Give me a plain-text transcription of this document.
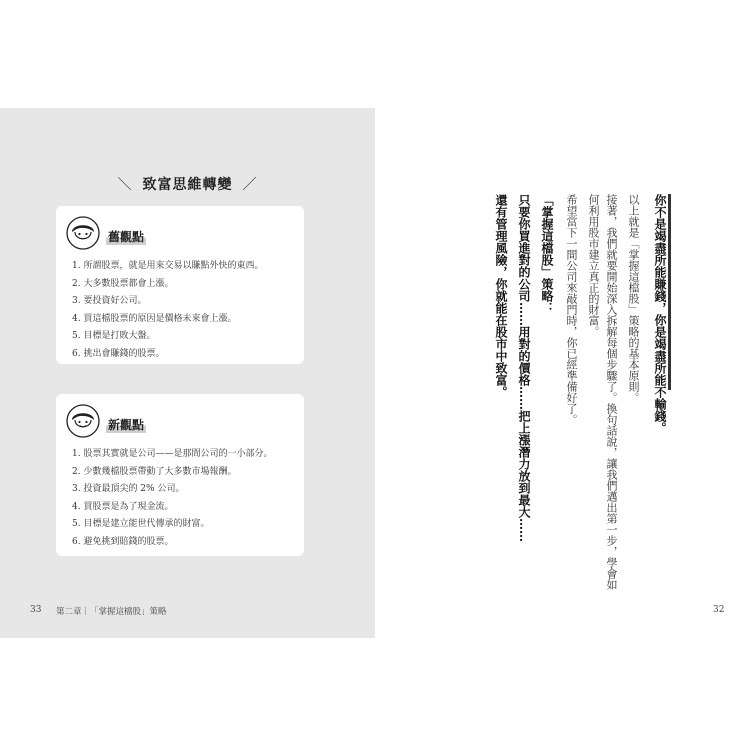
＼ 致富思維轉變 ／
舊觀點
1. 所謂股票，就是用來交易以賺點外快的東西。
2. 大多數股票都會上漲。
3. 要投資好公司。
4. 買這檔股票的原因是價格未來會上漲。
5. 目標是打敗大盤。
6. 挑出會賺錢的股票。
新觀點
1. 股票其實就是公司——是那間公司的一小部分。
2. 少數幾檔股票帶動了大多數市場報酬。
3. 投資最頂尖的 2% 公司。
4. 買股票是為了現金流。
5. 目標是建立能世代傳承的財富。
6. 避免挑到賠錢的股票。
33 第二章｜「掌握這檔股」策略
你不是竭盡所能賺錢，你是竭盡所能不輸錢。
以上就是「掌握這檔股」策略的基本原則。
接著，我們就要開始深入拆解每個步驟了。換句話說，讓我們邁出第一步，學會如
何利用股市建立真正的財富。
希望當下一間公司來敲門時，你已經準備好了。
「掌握這檔股」策略：
只要你買進對的公司……用對的價格……把上漲潛力放到最大……
還有管理風險，你就能在股市中致富。
32
